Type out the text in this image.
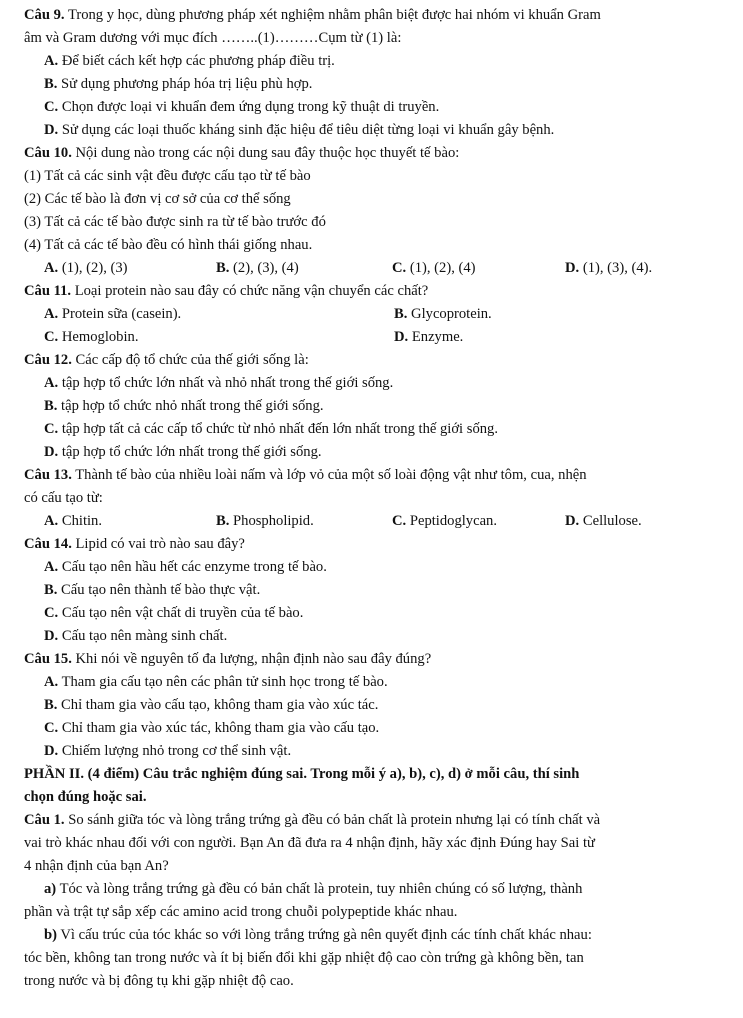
Câu 9. Trong y học, dùng phương pháp xét nghiệm nhằm phân biệt được hai nhóm vi khuẩn Gram
âm và Gram dương với mục đích ……..(1)………Cụm từ (1) là:
A. Để biết cách kết hợp các phương pháp điều trị.
B. Sử dụng phương pháp hóa trị liệu phù hợp.
C. Chọn được loại vi khuẩn đem ứng dụng trong kỹ thuật di truyền.
D. Sử dụng các loại thuốc kháng sinh đặc hiệu để tiêu diệt từng loại vi khuẩn gây bệnh.
Câu 10. Nội dung nào trong các nội dung sau đây thuộc học thuyết tế bào:
(1) Tất cả các sinh vật đều được cấu tạo từ tế bào
(2) Các tế bào là đơn vị cơ sở của cơ thể sống
(3) Tất cả các tế bào được sinh ra từ tế bào trước đó
(4) Tất cả các tế bào đều có hình thái giống nhau.
A. (1), (2), (3)	B. (2), (3), (4)	C. (1), (2), (4)	D. (1), (3), (4).
Câu 11. Loại protein nào sau đây có chức năng vận chuyển các chất?
A. Protein sữa (casein).	B. Glycoprotein.
C. Hemoglobin.	D. Enzyme.
Câu 12. Các cấp độ tổ chức của thế giới sống là:
A. tập hợp tổ chức lớn nhất và nhỏ nhất trong thế giới sống.
B. tập hợp tổ chức nhỏ nhất trong thế giới sống.
C. tập hợp tất cả các cấp tổ chức từ nhỏ nhất đến lớn nhất trong thế giới sống.
D. tập hợp tổ chức lớn nhất trong thế giới sống.
Câu 13. Thành tế bào của nhiều loài nấm và lớp vỏ của một số loài động vật như tôm, cua, nhện
có cấu tạo từ:
A. Chitin.	B. Phospholipid.	C. Peptidoglycan.	D. Cellulose.
Câu 14. Lipid có vai trò nào sau đây?
A. Cấu tạo nên hầu hết các enzyme trong tế bào.
B. Cấu tạo nên thành tế bào thực vật.
C. Cấu tạo nên vật chất di truyền của tế bào.
D. Cấu tạo nên màng sinh chất.
Câu 15. Khi nói về nguyên tố đa lượng, nhận định nào sau đây đúng?
A. Tham gia cấu tạo nên các phân tử sinh học trong tế bào.
B. Chỉ tham gia vào cấu tạo, không tham gia vào xúc tác.
C. Chỉ tham gia vào xúc tác, không tham gia vào cấu tạo.
D. Chiếm lượng nhỏ trong cơ thể sinh vật.
PHẦN II. (4 điểm) Câu trắc nghiệm đúng sai. Trong mỗi ý a), b), c), d) ở mỗi câu, thí sinh
chọn đúng hoặc sai.
Câu 1. So sánh giữa tóc và lòng trắng trứng gà đều có bản chất là protein nhưng lại có tính chất và
vai trò khác nhau đối với con người. Bạn An đã đưa ra 4 nhận định, hãy xác định Đúng hay Sai từ
4 nhận định của bạn An?
a) Tóc và lòng trắng trứng gà đều có bản chất là protein, tuy nhiên chúng có số lượng, thành
phần và trật tự sắp xếp các amino acid trong chuỗi polypeptide khác nhau.
b) Vì cấu trúc của tóc khác so với lòng trắng trứng gà nên quyết định các tính chất khác nhau:
tóc bền, không tan trong nước và ít bị biến đổi khi gặp nhiệt độ cao còn trứng gà không bền, tan
trong nước và bị đông tụ khi gặp nhiệt độ cao.
